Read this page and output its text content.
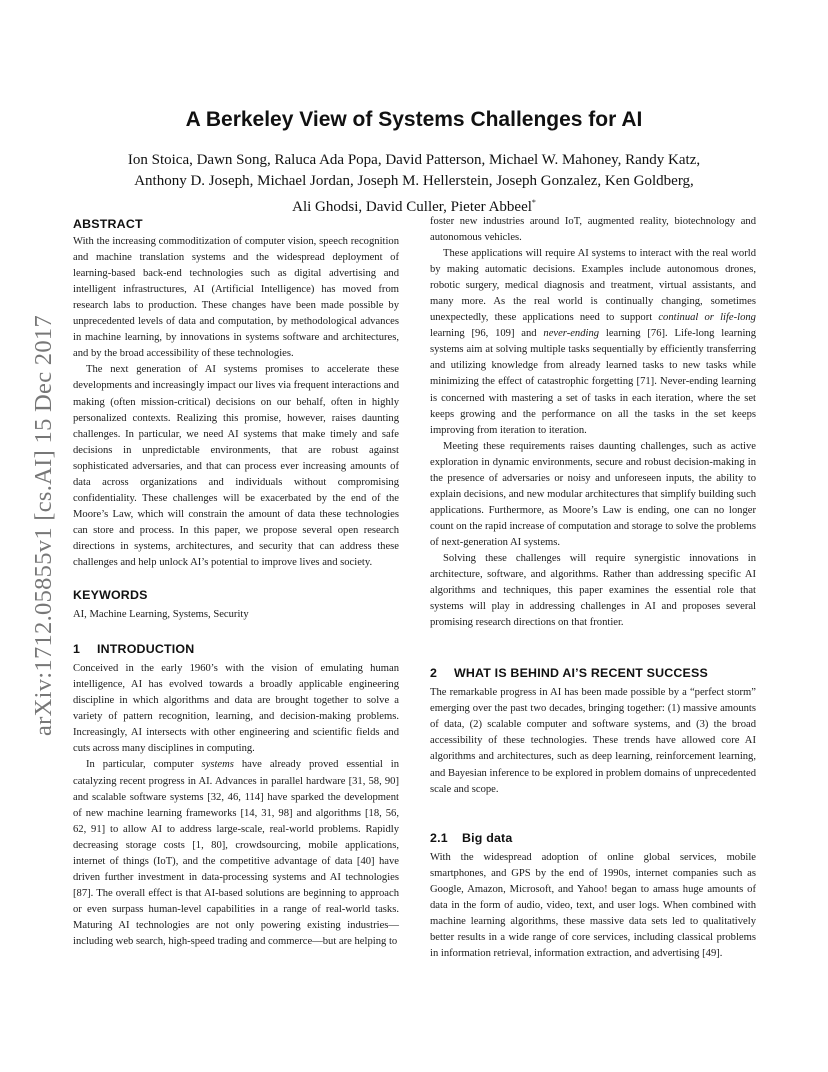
arXiv:1712.05855v1 [cs.AI] 15 Dec 2017
A Berkeley View of Systems Challenges for AI
Ion Stoica, Dawn Song, Raluca Ada Popa, David Patterson, Michael W. Mahoney, Randy Katz,
Anthony D. Joseph, Michael Jordan, Joseph M. Hellerstein, Joseph Gonzalez, Ken Goldberg,
Ali Ghodsi, David Culler, Pieter Abbeel*
ABSTRACT

With the increasing commoditization of computer vision, speech recognition and machine translation systems and the widespread deployment of learning-based back-end technologies such as digital advertising and intelligent infrastructures, AI (Artificial Intelligence) has moved from research labs to production. These changes have been made possible by unprecedented levels of data and computation, by methodological advances in machine learning, by innovations in systems software and architectures, and by the broad accessibility of these technologies.

The next generation of AI systems promises to accelerate these developments and increasingly impact our lives via frequent interactions and making (often mission-critical) decisions on our behalf, often in highly personalized contexts. Realizing this promise, however, raises daunting challenges. In particular, we need AI systems that make timely and safe decisions in unpredictable environments, that are robust against sophisticated adversaries, and that can process ever increasing amounts of data across organizations and individuals without compromising confidentiality. These challenges will be exacerbated by the end of the Moore’s Law, which will constrain the amount of data these technologies can store and process. In this paper, we propose several open research directions in systems, architectures, and security that can address these challenges and help unlock AI’s potential to improve lives and society.

KEYWORDS

AI, Machine Learning, Systems, Security

1 INTRODUCTION

Conceived in the early 1960’s with the vision of emulating human intelligence, AI has evolved towards a broadly applicable engineering discipline in which algorithms and data are brought together to solve a variety of pattern recognition, learning, and decision-making problems. Increasingly, AI intersects with other engineering and scientific fields and cuts across many disciplines in computing.

In particular, computer systems have already proved essential in catalyzing recent progress in AI. Advances in parallel hardware [31, 58, 90] and scalable software systems [32, 46, 114] have sparked the development of new machine learning frameworks [14, 31, 98] and algorithms [18, 56, 62, 91] to allow AI to address large-scale, real-world problems. Rapidly decreasing storage costs [1, 80], crowdsourcing, mobile applications, internet of things (IoT), and the competitive advantage of data [40] have driven further investment in data-processing systems and AI technologies [87]. The overall effect is that AI-based solutions are beginning to approach or even surpass human-level capabilities in a range of real-world tasks. Maturing AI technologies are not only powering existing industries—including web search, high-speed trading and commerce—but are helping to

foster new industries around IoT, augmented reality, biotechnology and autonomous vehicles.

These applications will require AI systems to interact with the real world by making automatic decisions. Examples include autonomous drones, robotic surgery, medical diagnosis and treatment, virtual assistants, and many more. As the real world is continually changing, sometimes unexpectedly, these applications need to support continual or life-long learning [96, 109] and never-ending learning [76]. Life-long learning systems aim at solving multiple tasks sequentially by efficiently transferring and utilizing knowledge from already learned tasks to new tasks while minimizing the effect of catastrophic forgetting [71]. Never-ending learning is concerned with mastering a set of tasks in each iteration, where the set keeps growing and the performance on all the tasks in the set keeps improving from iteration to iteration.

Meeting these requirements raises daunting challenges, such as active exploration in dynamic environments, secure and robust decision-making in the presence of adversaries or noisy and unforeseen inputs, the ability to explain decisions, and new modular architectures that simplify building such applications. Furthermore, as Moore’s Law is ending, one can no longer count on the rapid increase of computation and storage to solve the problems of next-generation AI systems.

Solving these challenges will require synergistic innovations in architecture, software, and algorithms. Rather than addressing specific AI algorithms and techniques, this paper examines the essential role that systems will play in addressing challenges in AI and proposes several promising research directions on that frontier.

2 WHAT IS BEHIND AI’S RECENT SUCCESS

The remarkable progress in AI has been made possible by a “perfect storm” emerging over the past two decades, bringing together: (1) massive amounts of data, (2) scalable computer and software systems, and (3) the broad accessibility of these technologies. These trends have allowed core AI algorithms and architectures, such as deep learning, reinforcement learning, and Bayesian inference to be explored in problem domains of unprecedented scale and scope.

2.1 Big data

With the widespread adoption of online global services, mobile smartphones, and GPS by the end of 1990s, internet companies such as Google, Amazon, Microsoft, and Yahoo! began to amass huge amounts of data in the form of audio, video, text, and user logs. When combined with machine learning algorithms, these massive data sets led to qualitatively better results in a wide range of core services, including classical problems in information retrieval, information extraction, and advertising [49].
